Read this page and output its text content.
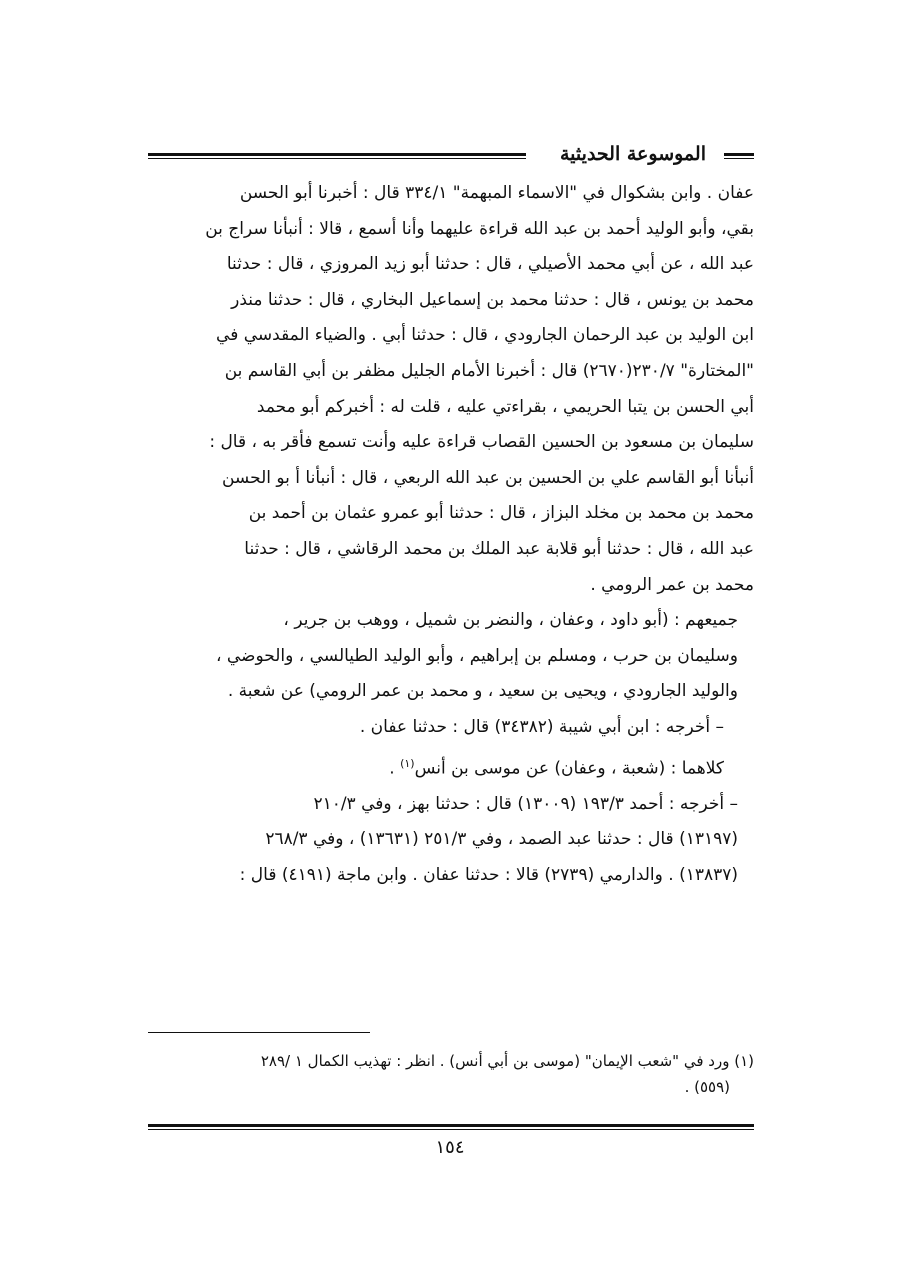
الموسوعة الحديثية
عفان . وابن بشكوال في "الاسماء المبهمة" ٣٣٤/١ قال : أخبرنا أبو الحسن
بقي، وأبو الوليد أحمد بن عبد الله قراءة عليهما وأنا أسمع ، قالا : أنبأنا سراج بن
عبد الله ، عن أبي محمد الأصيلي ، قال : حدثنا أبو زيد المروزي ، قال : حدثنا
محمد بن يونس ، قال : حدثنا محمد بن إسماعيل البخاري ، قال : حدثنا منذر
ابن الوليد بن عبد الرحمان الجارودي ، قال : حدثنا أبي . والضياء المقدسي في
"المختارة" ٢٣٠/٧(٢٦٧٠) قال : أخبرنا الأمام الجليل مظفر بن أبي القاسم بن
أبي الحسن بن يتبا الحريمي ، بقراءتي عليه ، قلت له : أخبركم أبو محمد
سليمان بن مسعود بن الحسين القصاب قراءة عليه وأنت تسمع فأقر به ، قال :
أنبأنا أبو القاسم علي بن الحسين بن عبد الله الربعي ، قال : أنبأنا أ بو الحسن
محمد بن محمد بن مخلد البزاز ، قال : حدثنا أبو عمرو عثمان بن أحمد بن
عبد الله ، قال : حدثنا أبو قلابة عبد الملك بن محمد الرقاشي ، قال : حدثنا
محمد بن عمر الرومي .
جميعهم : (أبو داود ، وعفان ، والنضر بن شميل ، ووهب بن جرير ،
وسليمان بن حرب ، ومسلم بن إبراهيم ، وأبو الوليد الطيالسي ، والحوضي ،
والوليد الجارودي ، ويحيى بن سعيد ، و محمد بن عمر الرومي) عن شعبة .
– أخرجه : ابن أبي شيبة (٣٤٣٨٢) قال : حدثنا عفان .
كلاهما : (شعبة ، وعفان) عن موسى بن أنس$^{(١)}$ .
– أخرجه : أحمد ١٩٣/٣ (١٣٠٠٩) قال : حدثنا بهز ، وفي ٢١٠/٣
(١٣١٩٧) قال : حدثنا عبد الصمد ، وفي ٢٥١/٣ (١٣٦٣١) ، وفي ٢٦٨/٣
(١٣٨٣٧) . والدارمي (٢٧٣٩) قالا : حدثنا عفان . وابن ماجة (٤١٩١) قال :
(١) ورد في "شعب الإيمان" (موسى بن أبي أنس) . انظر : تهذيب الكمال ١ /٢٨٩
(٥٥٩) .
١٥٤
